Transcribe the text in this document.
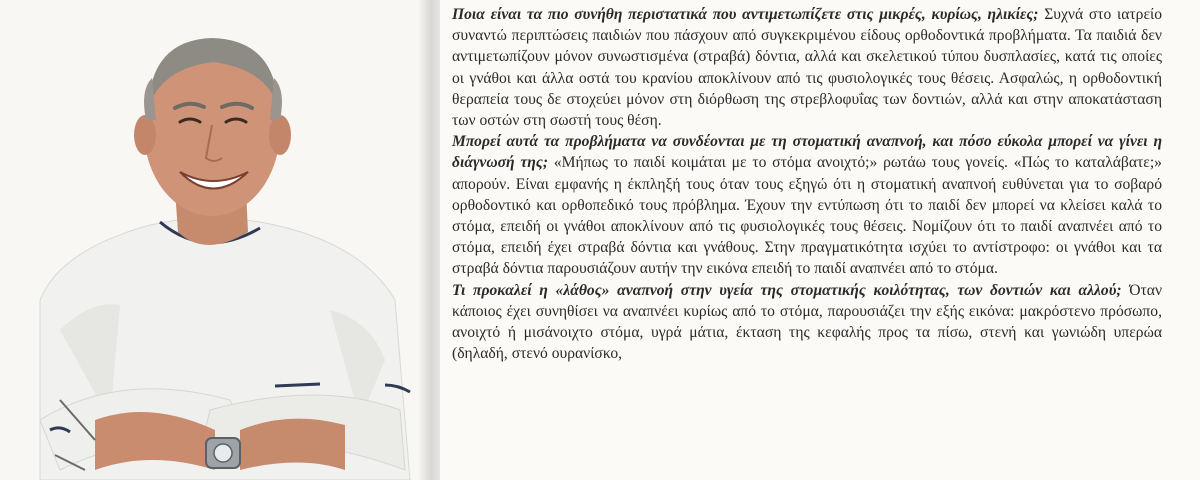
Ποια είναι τα πιο συνήθη περιστατικά που αντιμετωπίζετε στις μικρές, κυρίως, ηλικίες; Συχνά στο ιατρείο συναντώ περιπτώσεις παιδιών που πάσχουν από συγκεκριμένου είδους ορθοδοντικά προβλήματα. Τα παιδιά δεν αντιμετωπίζουν μόνον συνωστισμένα (στραβά) δόντια, αλλά και σκελετικού τύπου δυσπλασίες, κατά τις οποίες οι γνάθοι και άλλα οστά του κρανίου αποκλίνουν από τις φυσιολογικές τους θέσεις. Ασφαλώς, η ορθοδοντική θεραπεία τους δε στοχεύει μόνον στη διόρθωση της στρεβλοφυΐας των δοντιών, αλλά και στην αποκατάσταση των οστών στη σωστή τους θέση.

Μπορεί αυτά τα προβλήματα να συνδέονται με τη στοματική αναπνοή, και πόσο εύκολα μπορεί να γίνει η διάγνωσή της; «Μήπως το παιδί κοιμάται με το στόμα ανοιχτό;» ρωτάω τους γονείς. «Πώς το καταλάβατε;» απορούν. Είναι εμφανής η έκπληξή τους όταν τους εξηγώ ότι η στοματική αναπνοή ευθύνεται για το σοβαρό ορθοδοντικό και ορθοπεδικό τους πρόβλημα. Έχουν την εντύπωση ότι το παιδί δεν μπορεί να κλείσει καλά το στόμα, επειδή οι γνάθοι αποκλίνουν από τις φυσιολογικές τους θέσεις. Νομίζουν ότι το παιδί αναπνέει από το στόμα, επειδή έχει στραβά δόντια και γνάθους. Στην πραγματικότητα ισχύει το αντίστροφο: οι γνάθοι και τα στραβά δόντια παρουσιάζουν αυτήν την εικόνα επειδή το παιδί αναπνέει από το στόμα.

Τι προκαλεί η «λάθος» αναπνοή στην υγεία της στοματικής κοιλότητας, των δοντιών και αλλού; Όταν κάποιος έχει συνηθίσει να αναπνέει κυρίως από το στόμα, παρουσιάζει την εξής εικόνα: μακρόστενο πρόσωπο, ανοιχτό ή μισάνοιχτο στόμα, υγρά μάτια, έκταση της κεφαλής προς τα πίσω, στενή και γωνιώδη υπερώα (δηλαδή, στενό ουρανίσκο,
